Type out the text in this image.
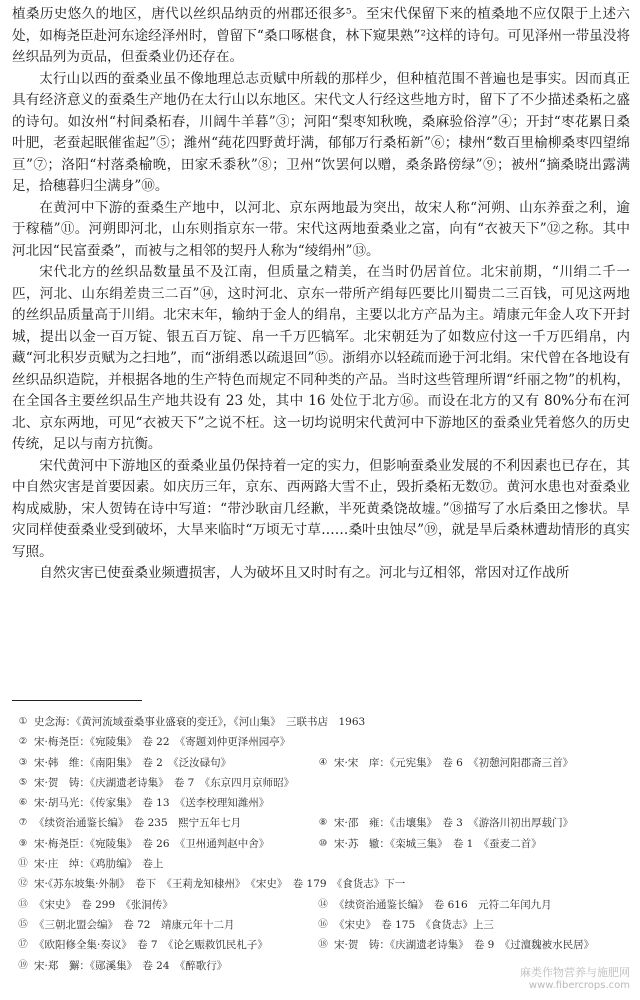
植桑历史悠久的地区，唐代以丝织品纳贡的州郡还很多⁵。至宋代保留下来的植桑地不应仅限于上述六处，如梅尧臣赴河东途经泽州时，曾留下“桑口啄椹食，林下窥果熟”²这样的诗句。可见泽州一带虽没将丝织品列为贡品，但蚕桑业仍还存在。

太行山以西的蚕桑业虽不像地理总志贡赋中所载的那样少，但种植范围不普遍也是事实。因而真正具有经济意义的蚕桑生产地仍在太行山以东地区。宋代文人行经这些地方时，留下了不少描述桑柘之盛的诗句。如汝州“村间桑柘春，川阔牛羊暮”③；河阳“梨枣知秋晚，桑麻验俗淳”④；开封“枣花累日桑叶肥，老蚕起眠催雀起”⑤；潍州“莼花四野黄圩满，郁郁万行桑柘新”⑥；棣州“数百里榆柳桑枣四望绵亘”⑦；洛阳“村落桑榆晚，田家禾黍秋”⑧；卫州“饮罢何以赠，桑条路傍绿”⑨；被州“摘桑晓出露满足，拾穗暮归尘满身”⑩。

在黄河中下游的蚕桑生产地中，以河北、京东两地最为突出，故宋人称“河朔、山东养蚕之利，逾于稼穑”⑪。河朔即河北，山东则指京东一带。宋代这两地蚕桑业之富，向有“衣被天下”⑫之称。其中河北因“民富蚕桑”，而被与之相邻的契丹人称为“绫绢州”⑬。

宋代北方的丝织品数量虽不及江南，但质量之精美，在当时仍居首位。北宋前期，“川绢二千一匹，河北、山东绢差贵三二百”⑭，这时河北、京东一带所产绢每匹要比川蜀贵二三百钱，可见这两地的丝织品质量高于川绢。北宋末年，输纳于金人的绢帛，主要以北方产品为主。靖康元年金人攻下开封城，提出以金一百万锭、银五百万锭、帛一千万匹犒军。北宋朝廷为了如数应付这一千万匹绢帛，内藏“河北积岁贡赋为之扫地”，而“浙绢悉以疏退回”⑮。浙绢亦以轻疏而逊于河北绢。宋代曾在各地设有丝织品织造院，并根据各地的生产特色而规定不同种类的产品。当时这些管理所谓“纤丽之物”的机构，在全国各主要丝织品生产地共设有 23 处，其中 16 处位于北方⑯。而设在北方的又有 80%分布在河北、京东两地，可见“衣被天下”之说不枉。这一切均说明宋代黄河中下游地区的蚕桑业凭着悠久的历史传统，足以与南方抗衡。

宋代黄河中下游地区的蚕桑业虽仍保持着一定的实力，但影响蚕桑业发展的不利因素也已存在，其中自然灾害是首要因素。如庆历三年，京东、西两路大雪不止，毁折桑柘无数⑰。黄河水患也对蚕桑业构成威胁，宋人贺铸在诗中写道：“带沙耿亩几经歉，半死黄桑饶故墟。”⑱描写了水后桑田之惨状。旱灾同样使蚕桑业受到破坏，大旱来临时“万顷无寸草……桑叶虫蚀尽”⑲，就是旱后桑林遭劫情形的真实写照。

自然灾害已使蚕桑业频遭损害，人为破坏且又时时有之。河北与辽相邻，常因对辽作战所

① 史念海：《黄河流域蚕桑事业盛衰的变迁》，《河山集》　三联书店　1963
② 宋·梅尧臣：《宛陵集》　卷 22　《寄题刘仲更泽州园亭》
③ 宋·韩　维：《南阳集》　卷 2　《泛汝碌句》	④ 宋·宋　庠：《元宪集》　卷 6　《初憩河阳郡斋三首》
⑤ 宋·贺　铸：《庆湖遗老诗集》　卷 7　《东京四月京师昭》
⑥ 宋·胡马光：《传家集》　卷 13　《送李校理知潍州》
⑦ 《续资治通鉴长编》　卷 235　熙宁五年七月	⑧ 宋·邵　雍：《击壤集》　卷 3　《游洛川初出厚载门》
⑨ 宋·梅尧臣：《宛陵集》　卷 26　《卫州通判赵中舍》	⑩ 宋·苏　辙：《栾城三集》　卷 1　《蚕麦二首》
⑪ 宋·庄　绰：《鸡肋编》　卷上
⑫ 宋·《苏东坡集·外制》　卷下　《王莉龙知棣州》　《宋史》　卷 179　《食货志》下一
⑬ 《宋史》　卷 299　《张洞传》	⑭ 《续资治通鉴长编》　卷 616　元符二年闰九月
⑮ 《三朝北盟会编》　卷 72　靖康元年十二月	⑯ 《宋史》　卷 175　《食货志》上三
⑰ 《欧阳修全集·奏议》　卷 7　《论乞赈救饥民札子》	⑱ 宋·贺　铸：《庆湖遗老诗集》　卷 9　《过澶魏被水民居》
⑲ 宋·郑　獬：《郧溪集》　卷 24　《醉歌行》
麻类作物营养与施肥网
www.fibercrops.com
